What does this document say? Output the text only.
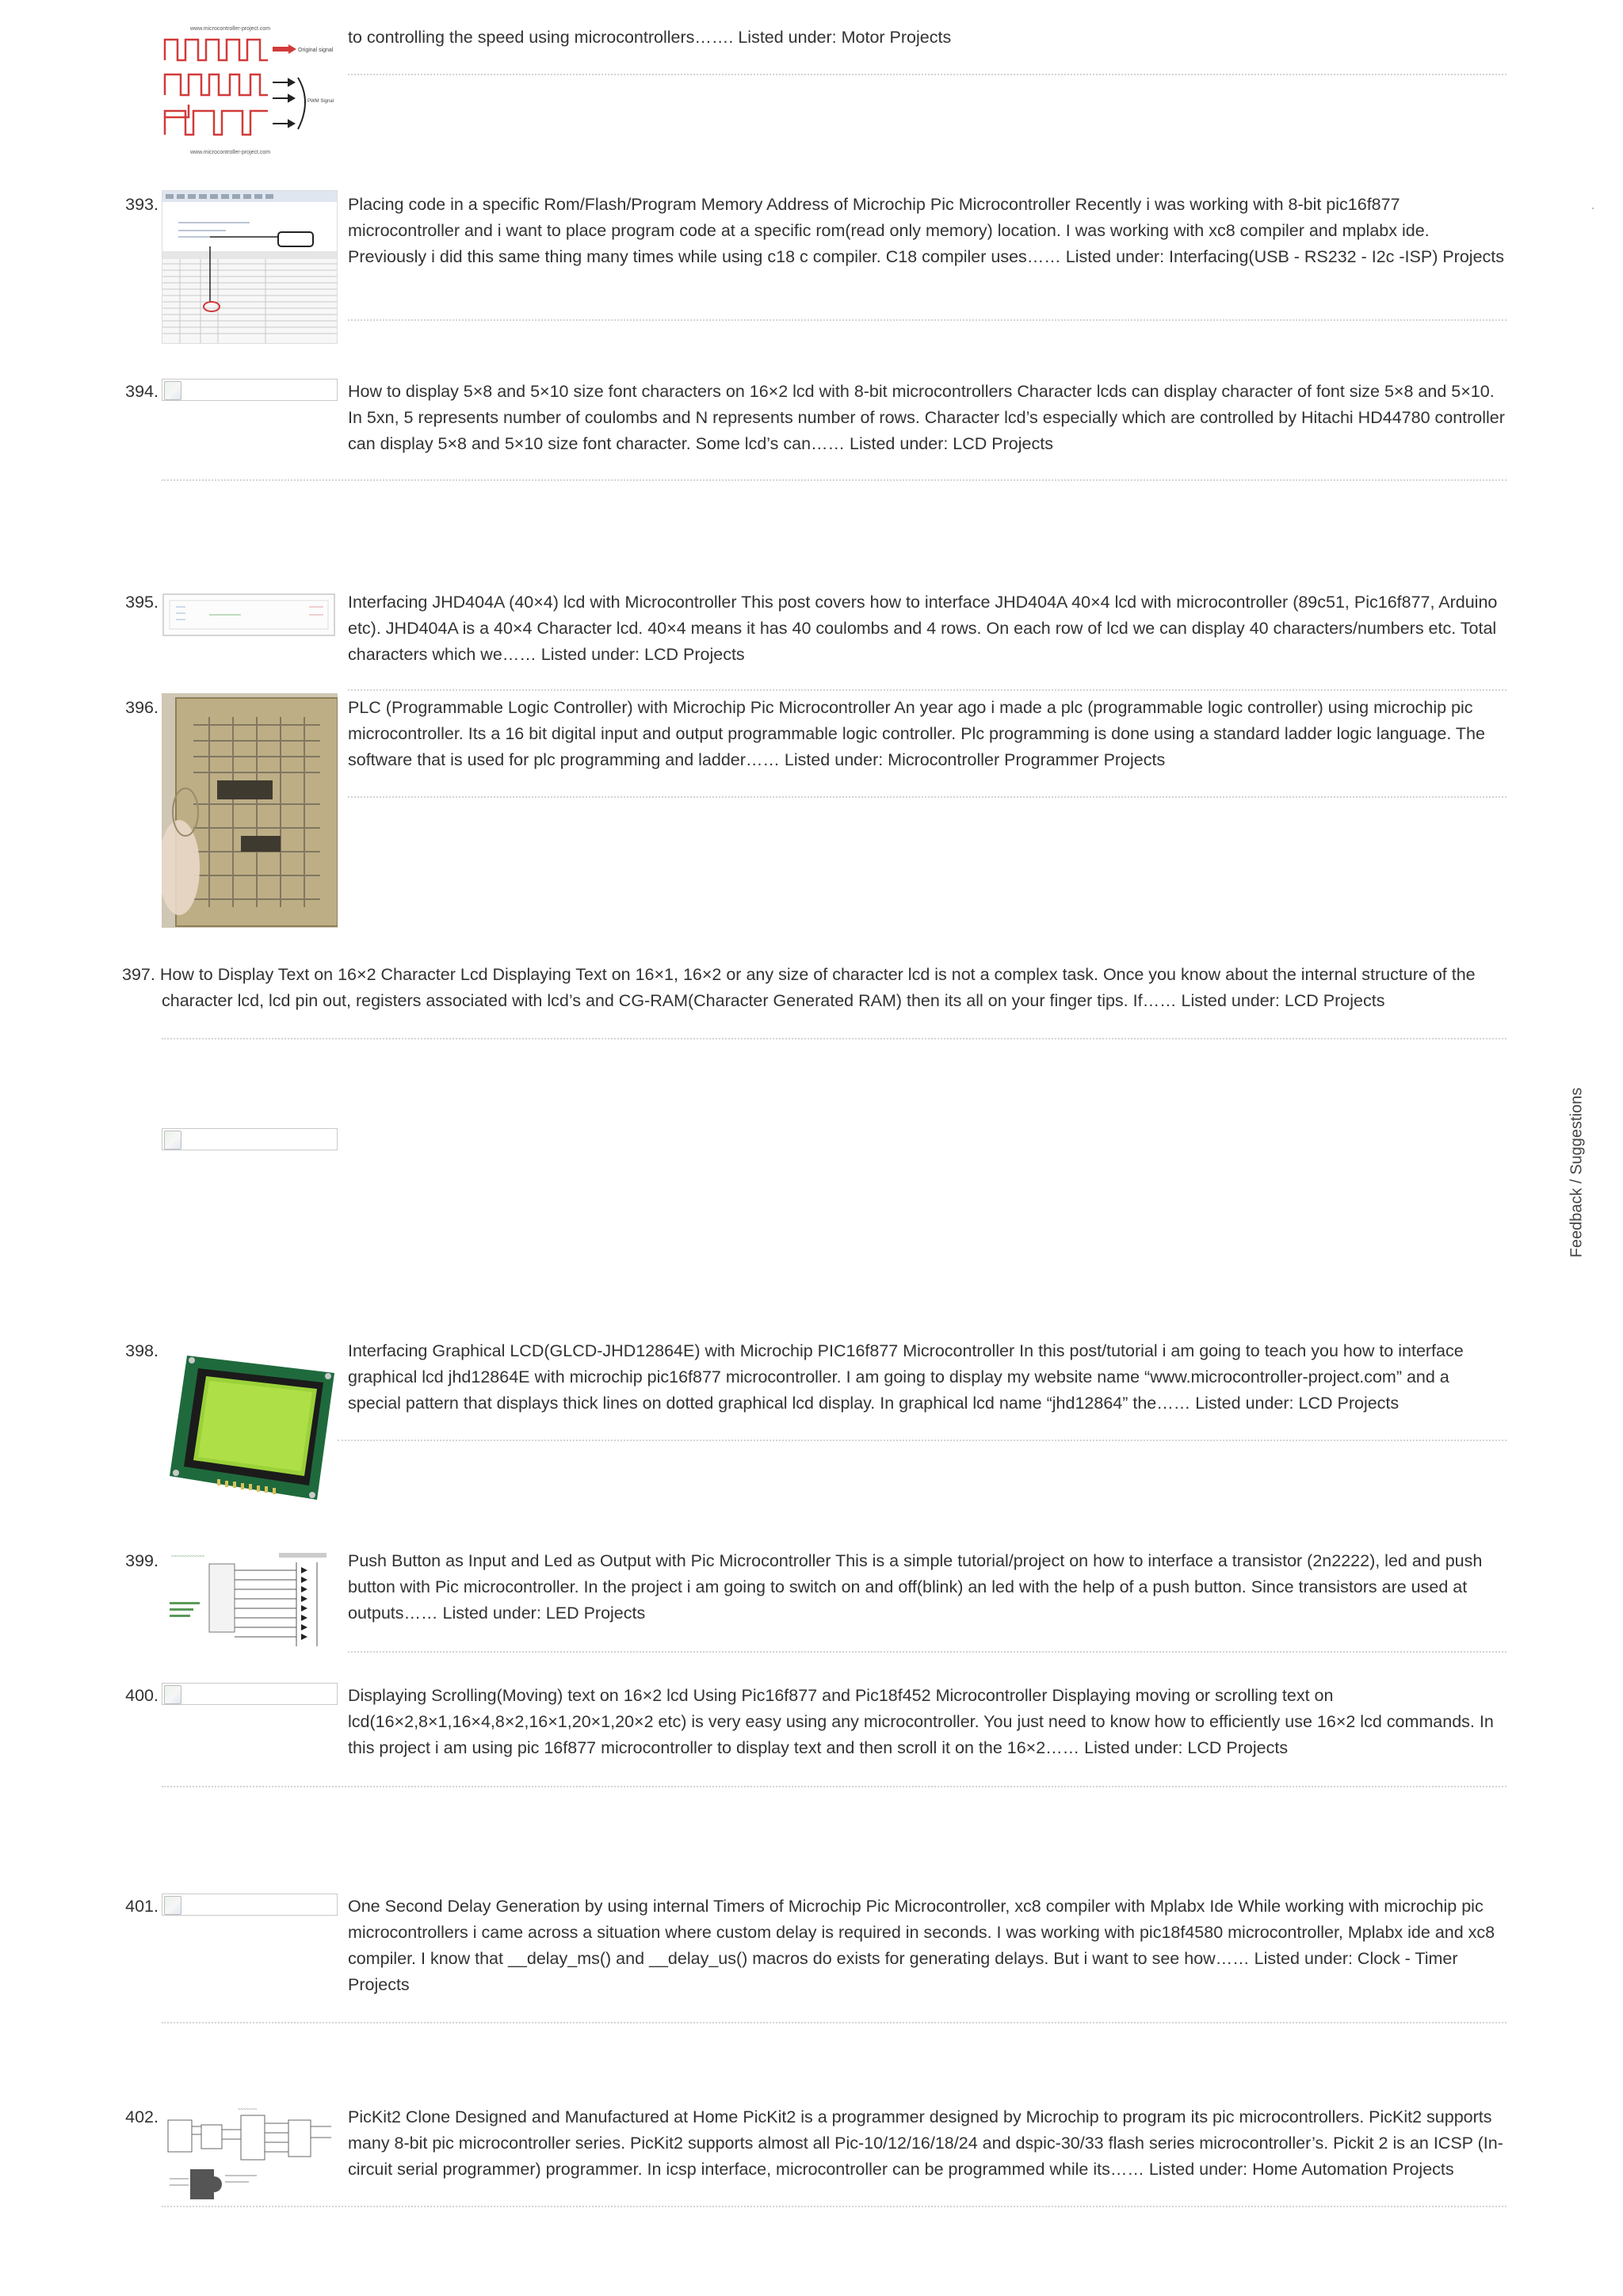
www.microcontroller-project.com
Original signal
PWM Signal
www.microcontroller-project.com

to controlling the speed using microcontrollers……. Listed under: Motor Projects

393.	Placing code in a specific Rom/Flash/Program Memory Address of Microchip Pic Microcontroller Recently i was working with 8-bit pic16f877 microcontroller and i want to place program code at a specific rom(read only memory) location. I was working with xc8 compiler and mplabx ide. Previously i did this same thing many times while using c18 c compiler. C18 compiler uses…… Listed under: Interfacing(USB - RS232 - I2c -ISP) Projects

394.	How to display 5×8 and 5×10 size font characters on 16×2 lcd with 8-bit microcontrollers Character lcds can display character of font size 5×8 and 5×10. In 5xn, 5 represents number of coulombs and N represents number of rows. Character lcd’s especially which are controlled by Hitachi HD44780 controller can display 5×8 and 5×10 size font character. Some lcd’s can…… Listed under: LCD Projects

395.	Interfacing JHD404A (40×4) lcd with Microcontroller This post covers how to interface JHD404A 40×4 lcd with microcontroller (89c51, Pic16f877, Arduino etc). JHD404A is a 40×4 Character lcd. 40×4 means it has 40 coulombs and 4 rows. On each row of lcd we can display 40 characters/numbers etc. Total characters which we…… Listed under: LCD Projects

396.	PLC (Programmable Logic Controller) with Microchip Pic Microcontroller An year ago i made a plc (programmable logic controller) using microchip pic microcontroller. Its a 16 bit digital input and output programmable logic controller. Plc programming is done using a standard ladder logic language. The software that is used for plc programming and ladder…… Listed under: Microcontroller Programmer Projects

397. How to Display Text on 16×2 Character Lcd Displaying Text on 16×1, 16×2 or any size of character lcd is not a complex task. Once you know about the internal structure of the character lcd, lcd pin out, registers associated with lcd’s and CG-RAM(Character Generated RAM) then its all on your finger tips. If…… Listed under: LCD Projects

398.	Interfacing Graphical LCD(GLCD-JHD12864E) with Microchip PIC16f877 Microcontroller In this post/tutorial i am going to teach you how to interface graphical lcd jhd12864E with microchip pic16f877 microcontroller. I am going to display my website name “www.microcontroller-project.com” and a special pattern that displays thick lines on dotted graphical lcd display. In graphical lcd name “jhd12864” the…… Listed under: LCD Projects

399.	~~~~~~~~~~~~	Push Button as Input and Led as Output with Pic Microcontroller This is a simple tutorial/project on how to interface a transistor (2n2222), led and push button with Pic microcontroller. In the project i am going to switch on and off(blink) an led with the help of a push button. Since transistors are used at outputs…… Listed under: LED Projects

400.	Displaying Scrolling(Moving) text on 16×2 lcd Using Pic16f877 and Pic18f452 Microcontroller Displaying moving or scrolling text on lcd(16×2,8×1,16×4,8×2,16×1,20×1,20×2 etc) is very easy using any microcontroller. You just need to know how to efficiently use 16×2 lcd commands. In this project i am using pic 16f877 microcontroller to display text and then scroll it on the 16×2…… Listed under: LCD Projects

401.	One Second Delay Generation by using internal Timers of Microchip Pic Microcontroller, xc8 compiler with Mplabx Ide While working with microchip pic microcontrollers i came across a situation where custom delay is required in seconds. I was working with pic18f4580 microcontroller, Mplabx ide and xc8 compiler. I know that __delay_ms() and __delay_us() macros do exists for generating delays. But i want to see how…… Listed under: Clock - Timer Projects

402.	~~~~~~~	PicKit2 Clone Designed and Manufactured at Home PicKit2 is a programmer designed by Microchip to program its pic microcontrollers. PicKit2 supports many 8-bit pic microcontroller series. PicKit2 supports almost all Pic-10/12/16/18/24 and dspic-30/33 flash series microcontroller’s. Pickit 2 is an ICSP (In-circuit serial programmer) programmer. In icsp interface, microcontroller can be programmed while its…… Listed under: Home Automation Projects

Feedback / Suggestions
